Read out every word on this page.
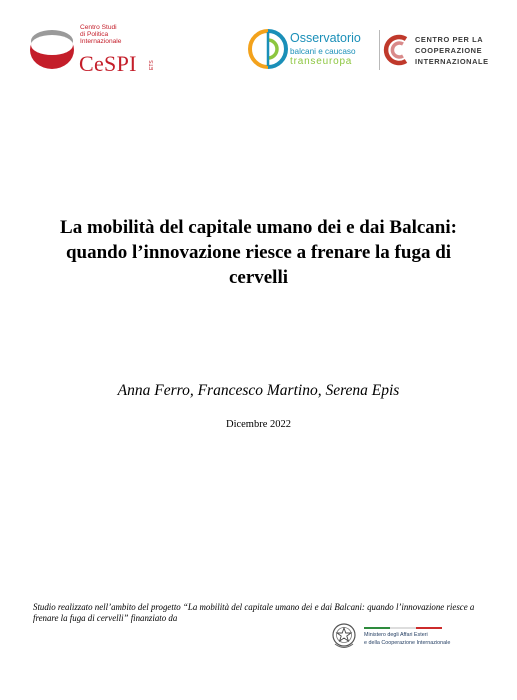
Centro Studi
di Politica
Internazionale
CeSPI ETS
Osservatorio
balcani e caucaso
transeuropa
CENTRO PER LA
COOPERAZIONE
INTERNAZIONALE
La mobilità del capitale umano dei e dai Balcani:
quando l’innovazione riesce a frenare la fuga di
cervelli
Anna Ferro, Francesco Martino, Serena Epis
Dicembre 2022
Studio realizzato nell’ambito del progetto “La mobilità del capitale umano dei e dai Balcani: quando l’innovazione riesce a frenare la fuga di cervelli” finanziato da
Ministero degli Affari Esteri
e della Cooperazione Internazionale
